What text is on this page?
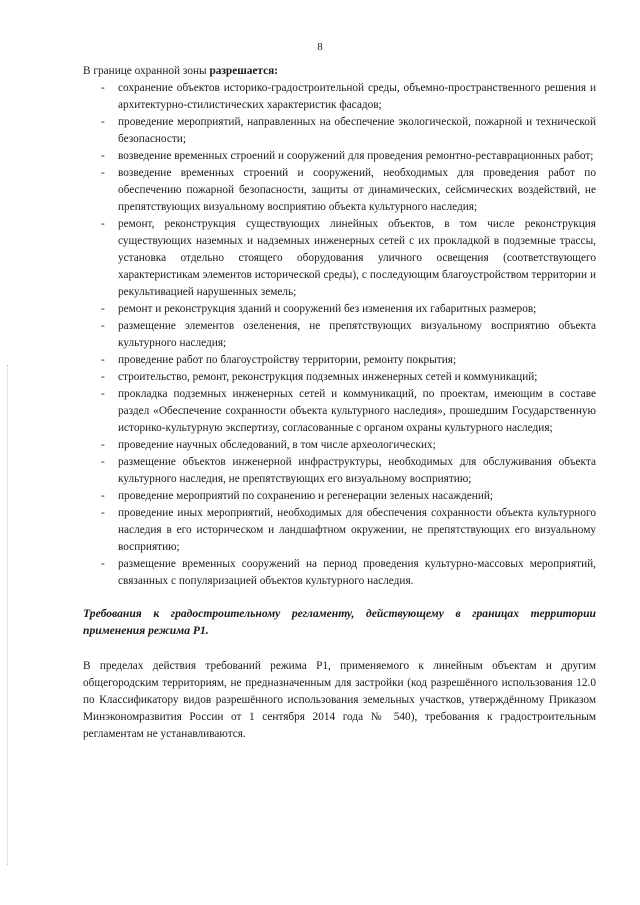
8

В границе охранной зоны разрешается:

- сохранение объектов историко-градостроительной среды, объемно-пространственного решения и архитектурно-стилистических характеристик фасадов;
- проведение мероприятий, направленных на обеспечение экологической, пожарной и технической безопасности;
- возведение временных строений и сооружений для проведения ремонтно-реставрационных работ;
- возведение временных строений и сооружений, необходимых для проведения работ по обеспечению пожарной безопасности, защиты от динамических, сейсмических воздействий, не препятствующих визуальному восприятию объекта культурного наследия;
- ремонт, реконструкция существующих линейных объектов, в том числе реконструкция существующих наземных и надземных инженерных сетей с их прокладкой в подземные трассы, установка отдельно стоящего оборудования уличного освещения (соответствующего характеристикам элементов исторической среды), с последующим благоустройством территории и рекультивацией нарушенных земель;
- ремонт и реконструкция зданий и сооружений без изменения их габаритных размеров;
- размещение элементов озеленения, не препятствующих визуальному восприятию объекта культурного наследия;
- проведение работ по благоустройству территории, ремонту покрытия;
- строительство, ремонт, реконструкция подземных инженерных сетей и коммуникаций;
- прокладка подземных инженерных сетей и коммуникаций, по проектам, имеющим в составе раздел «Обеспечение сохранности объекта культурного наследия», прошедшим Государственную историко-культурную экспертизу, согласованные с органом охраны культурного наследия;
- проведение научных обследований, в том числе археологических;
- размещение объектов инженерной инфраструктуры, необходимых для обслуживания объекта культурного наследия, не препятствующих его визуальному восприятию;
- проведение мероприятий по сохранению и регенерации зеленых насаждений;
- проведение иных мероприятий, необходимых для обеспечения сохранности объекта культурного наследия в его историческом и ландшафтном окружении, не препятствующих его визуальному восприятию;
- размещение временных сооружений на период проведения культурно-массовых мероприятий, связанных с популяризацией объектов культурного наследия.

Требования к градостроительному регламенту, действующему в границах территории применения режима Р1.

В пределах действия требований режима Р1, применяемого к линейным объектам и другим общегородским территориям, не предназначенным для застройки (код разрешённого использования 12.0 по Классификатору видов разрешённого использования земельных участков, утверждённому Приказом Минэкономразвития России от 1 сентября 2014 года № 540), требования к градостроительным регламентам не устанавливаются.
